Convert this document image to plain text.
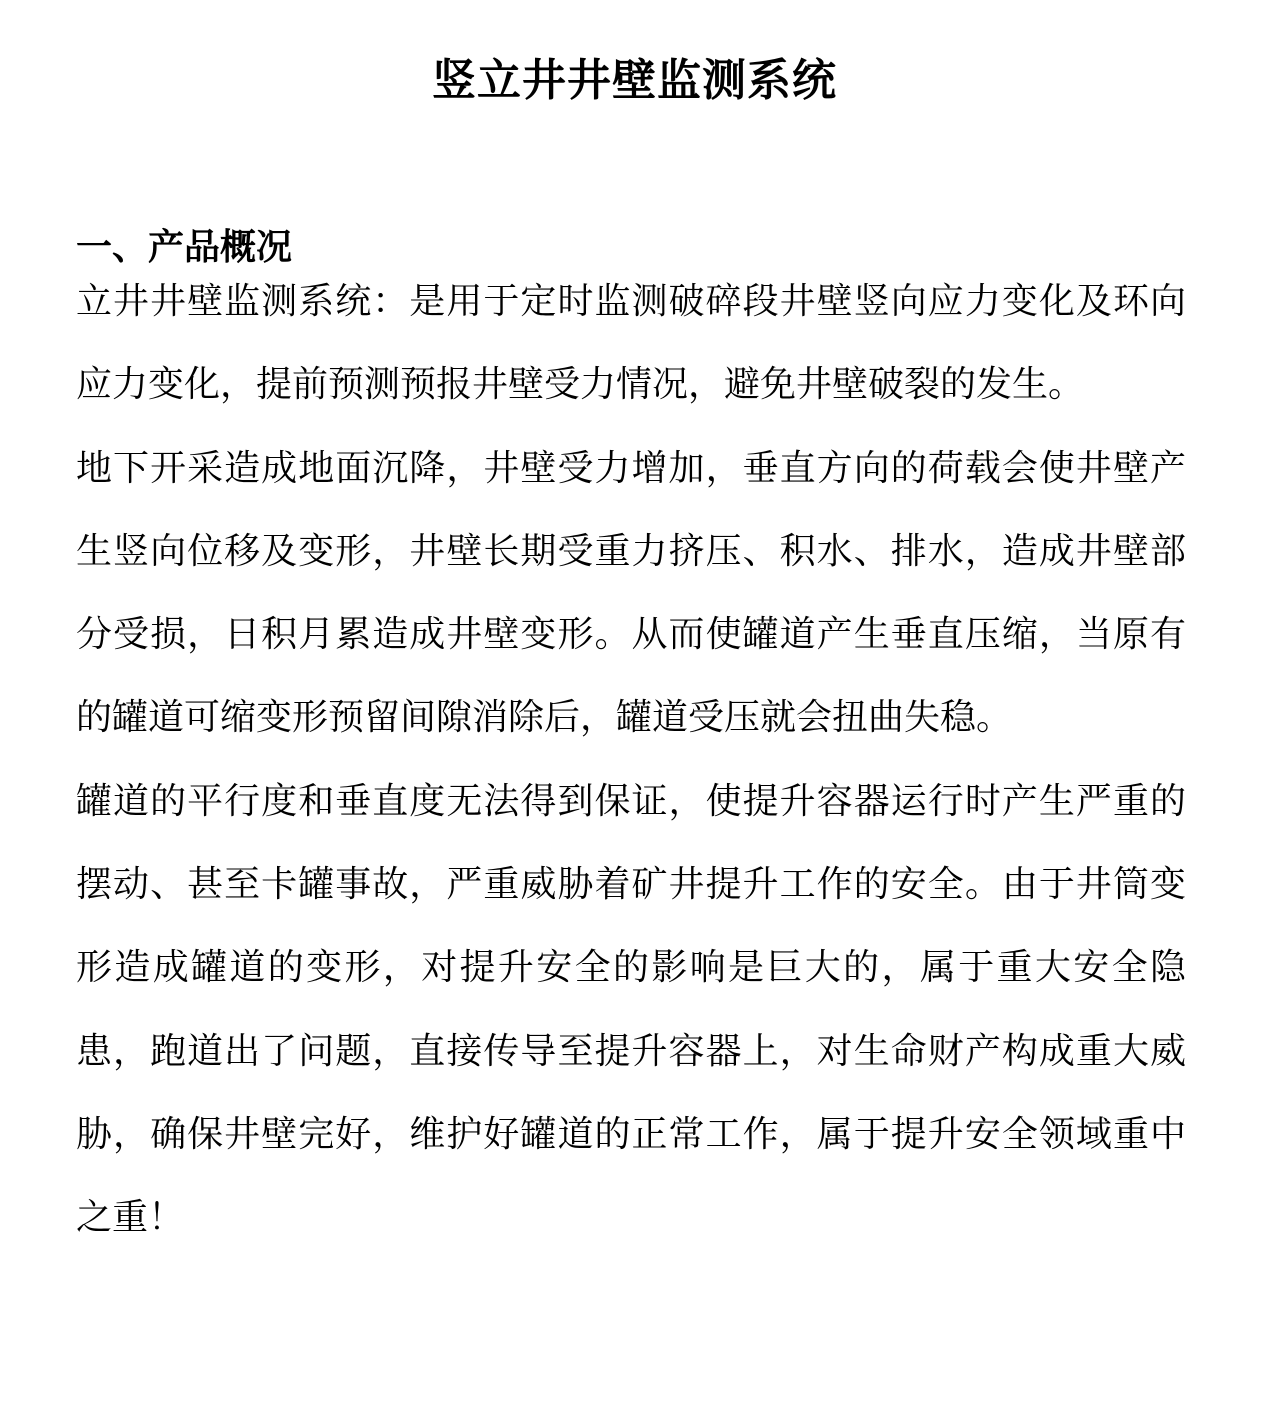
竖立井井壁监测系统
一、产品概况

立井井壁监测系统：是用于定时监测破碎段井壁竖向应力变化及环向应力变化，提前预测预报井壁受力情况，避免井壁破裂的发生。

地下开采造成地面沉降，井壁受力增加，垂直方向的荷载会使井壁产生竖向位移及变形，井壁长期受重力挤压、积水、排水，造成井壁部分受损，日积月累造成井壁变形。从而使罐道产生垂直压缩，当原有的罐道可缩变形预留间隙消除后，罐道受压就会扭曲失稳。

罐道的平行度和垂直度无法得到保证，使提升容器运行时产生严重的摆动、甚至卡罐事故，严重威胁着矿井提升工作的安全。由于井筒变形造成罐道的变形，对提升安全的影响是巨大的，属于重大安全隐患，跑道出了问题，直接传导至提升容器上，对生命财产构成重大威胁，确保井壁完好，维护好罐道的正常工作，属于提升安全领域重中之重！
